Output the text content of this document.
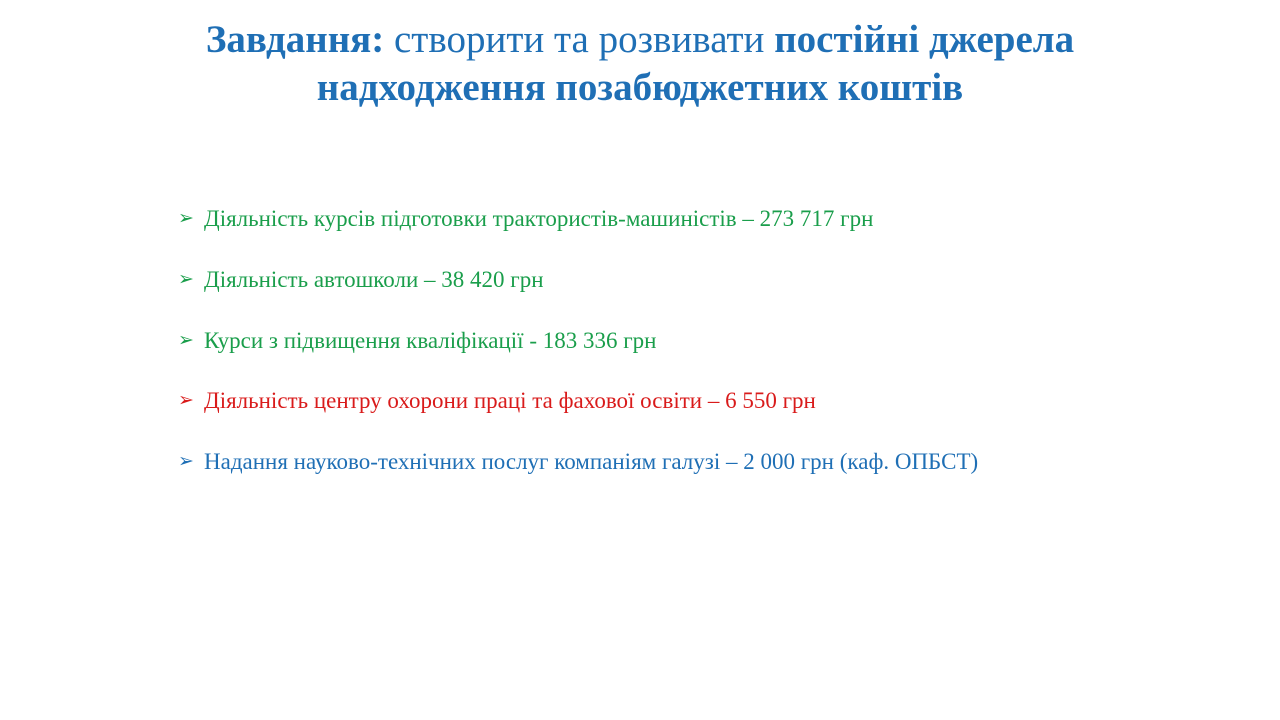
Завдання: створити та розвивати постійні джерела
надходження позабюджетних коштів
➢ Діяльність курсів підготовки трактористів-машиністів – 273 717 грн
➢ Діяльність автошколи – 38 420 грн
➢ Курси з підвищення кваліфікації - 183 336 грн
➢ Діяльність центру охорони праці та фахової освіти – 6 550 грн
➢ Надання науково-технічних послуг компаніям галузі – 2 000 грн (каф. ОПБСТ)
